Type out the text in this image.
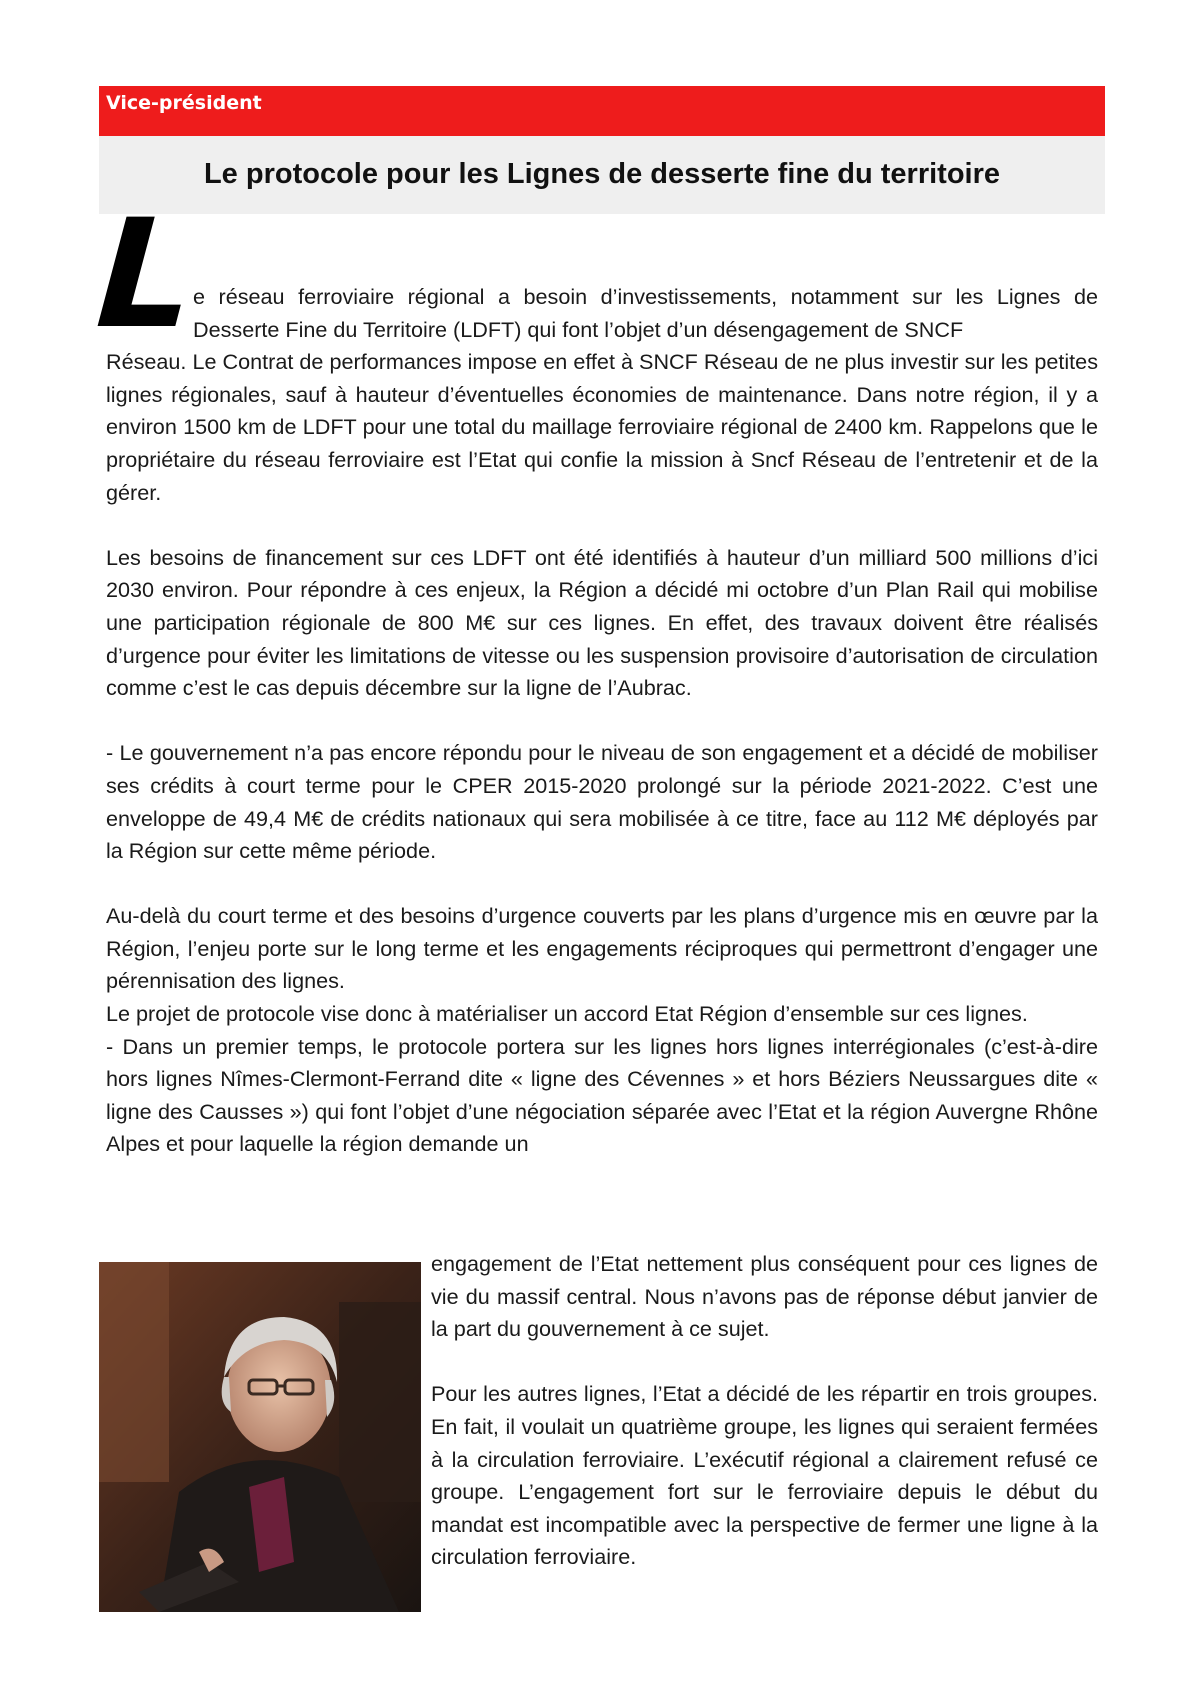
Vice-président
Le protocole pour les Lignes de desserte fine du territoire
L

e réseau ferroviaire régional a besoin d’investissements, notamment sur les Lignes de Desserte Fine du Territoire (LDFT) qui font l’objet d’un désengagement de SNCF

Réseau. Le Contrat de performances impose en effet à SNCF Réseau de ne plus investir sur les petites lignes régionales, sauf à hauteur d’éventuelles économies de maintenance. Dans notre région, il y a environ 1500 km de LDFT pour une total du maillage ferroviaire régional de 2400 km. Rappelons que le propriétaire du réseau ferroviaire est l’Etat qui confie la mission à Sncf Réseau de l’entretenir et de la gérer.

Les besoins de financement sur ces LDFT ont été identifiés à hauteur d’un milliard 500 millions d’ici 2030 environ. Pour répondre à ces enjeux, la Région a décidé mi octobre d’un Plan Rail qui mobilise une participation régionale de 800 M€ sur ces lignes. En effet, des travaux doivent être réalisés d’urgence pour éviter les limitations de vitesse ou les suspension provisoire d’autorisation de circulation comme c’est le cas depuis décembre sur la ligne de l’Aubrac.

- Le gouvernement n’a pas encore répondu pour le niveau de son engagement et a décidé de mobiliser ses crédits à court terme pour le CPER 2015-2020 prolongé sur la période 2021-2022. C’est une enveloppe de 49,4 M€ de crédits nationaux qui sera mobilisée à ce titre, face au 112 M€ déployés par la Région sur cette même période.

Au-delà du court terme et des besoins d’urgence couverts par les plans d’urgence mis en œuvre par la Région, l’enjeu porte sur le long terme et les engagements réciproques qui permettront d’engager une pérennisation des lignes.

Le projet de protocole vise donc à matérialiser un accord Etat Région d’ensemble sur ces lignes.

- Dans un premier temps, le protocole portera sur les lignes hors lignes interrégionales (c’est-à-dire hors lignes Nîmes-Clermont-Ferrand dite « ligne des Cévennes » et hors Béziers Neussargues dite « ligne des Causses ») qui font l’objet d’une négociation séparée avec l’Etat et la région Auvergne Rhône Alpes et pour laquelle la région demande un

engagement de l’Etat nettement plus conséquent pour ces lignes de vie du massif central. Nous n’avons pas de réponse début janvier de la part du gouvernement à ce sujet.

Pour les autres lignes, l’Etat a décidé de les répartir en trois groupes. En fait, il voulait un quatrième groupe, les lignes qui seraient fermées à la circulation ferroviaire. L’exécutif régional a clairement refusé ce groupe. L’engagement fort sur le ferroviaire depuis le début du mandat est incompatible avec la perspective de fermer une ligne à la circulation ferroviaire.
